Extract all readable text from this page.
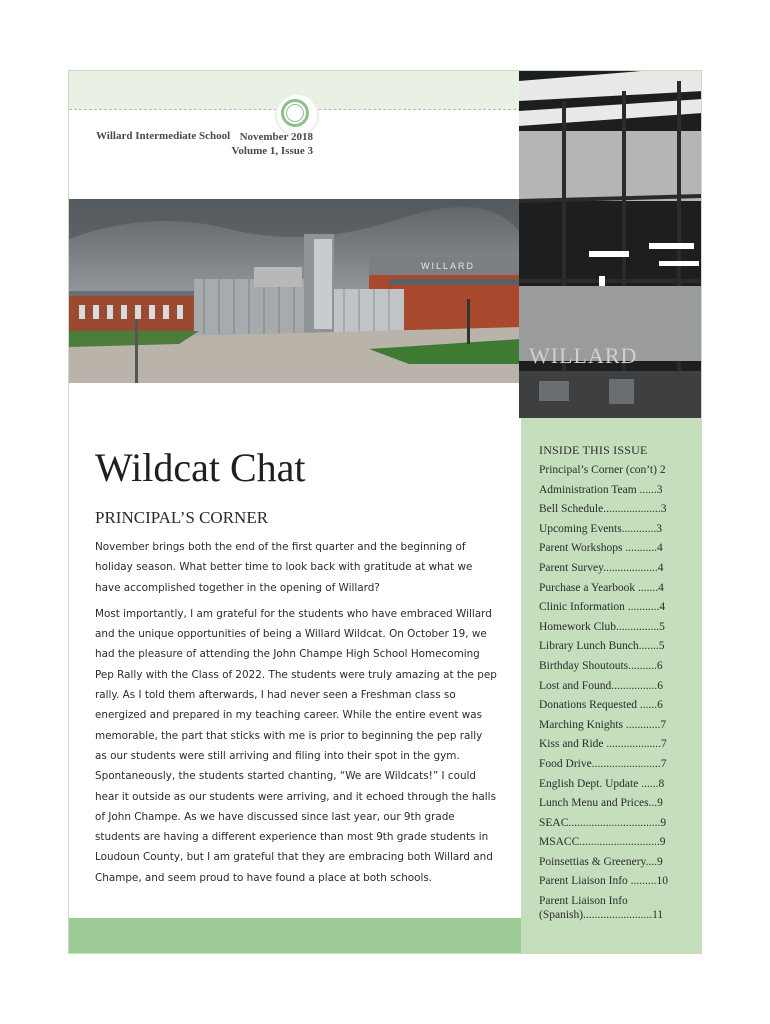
Willard Intermediate School November 2018
Volume 1, Issue 3
WILLARD
WILLARD
Wildcat Chat
PRINCIPAL’S CORNER

November brings both the end of the first quarter and the beginning of holiday season. What better time to look back with gratitude at what we have accomplished together in the opening of Willard?

Most importantly, I am grateful for the students who have embraced Willard and the unique opportunities of being a Willard Wildcat. On October 19, we had the pleasure of attending the John Champe High School Homecoming Pep Rally with the Class of 2022. The students were truly amazing at the pep rally. As I told them afterwards, I had never seen a Freshman class so energized and prepared in my teaching career. While the entire event was memorable, the part that sticks with me is prior to beginning the pep rally as our students were still arriving and filing into their spot in the gym. Spontaneously, the students started chanting, “We are Wildcats!” I could hear it outside as our students were arriving, and it echoed through the halls of John Champe. As we have discussed since last year, our 9th grade students are having a different experience than most 9th grade students in Loudoun County, but I am grateful that they are embracing both Willard and Champe, and seem proud to have found a place at both schools.

INSIDE THIS ISSUE
Principal’s Corner (con’t) 2
Administration Team ......3
Bell Schedule....................3
Upcoming Events............3
Parent Workshops ...........4
Parent Survey...................4
Purchase a Yearbook .......4
Clinic Information ...........4
Homework Club...............5
Library Lunch Bunch.......5
Birthday Shoutouts..........6
Lost and Found................6
Donations Requested ......6
Marching Knights ............7
Kiss and Ride ...................7
Food Drive........................7
English Dept. Update ......8
Lunch Menu and Prices...9
SEAC................................9
MSACC............................9
Poinsettias & Greenery....9
Parent Liaison Info .........10
Parent Liaison Info (Spanish)........................11
